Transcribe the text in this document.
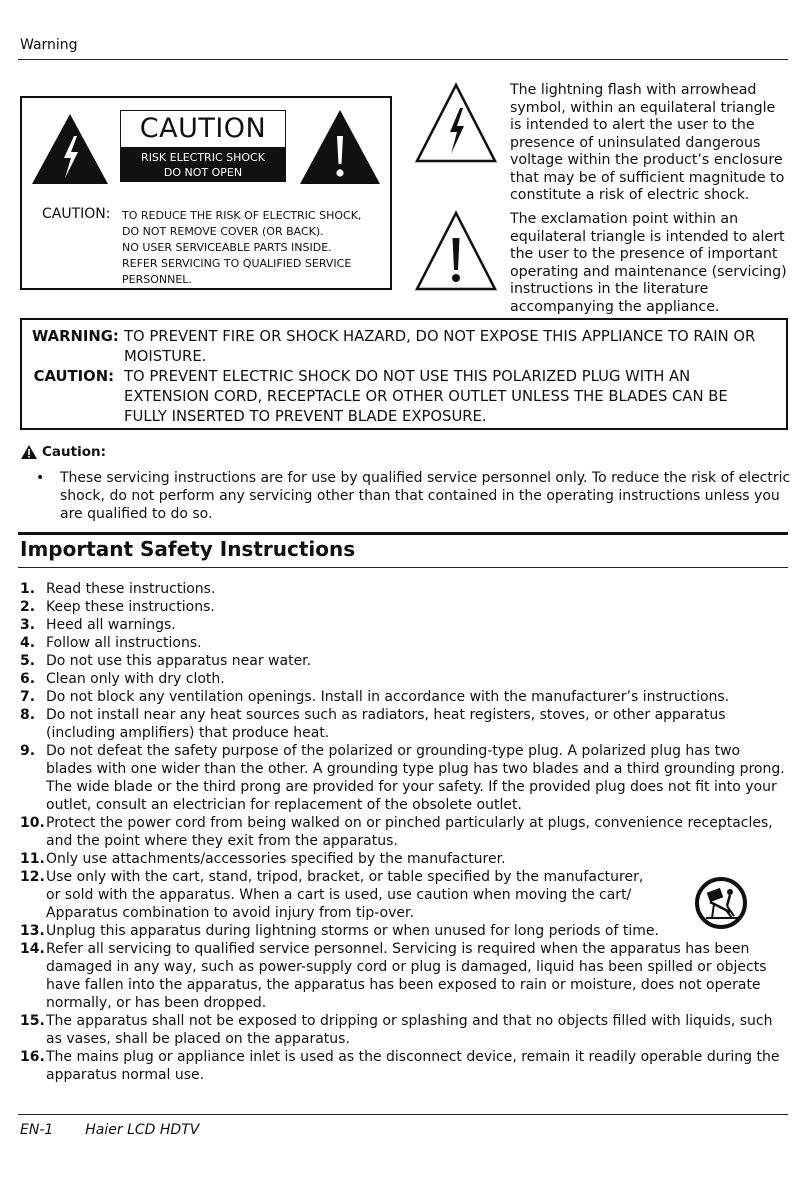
Warning
CAUTION
RISK ELECTRIC SHOCK
DO NOT OPEN
CAUTION: TO REDUCE THE RISK OF ELECTRIC SHOCK,
DO NOT REMOVE COVER (OR BACK).
NO USER SERVICEABLE PARTS INSIDE.
REFER SERVICING TO QUALIFIED SERVICE
PERSONNEL.
The lightning flash with arrowhead symbol, within an equilateral triangle is intended to alert the user to the presence of uninsulated dangerous voltage within the product’s enclosure that may be of sufficient magnitude to constitute a risk of electric shock.
The exclamation point within an equilateral triangle is intended to alert the user to the presence of important operating and maintenance (servicing) instructions in the literature accompanying the appliance.
WARNING: TO PREVENT FIRE OR SHOCK HAZARD, DO NOT EXPOSE THIS APPLIANCE TO RAIN OR MOISTURE.
CAUTION: TO PREVENT ELECTRIC SHOCK DO NOT USE THIS POLARIZED PLUG WITH AN EXTENSION CORD, RECEPTACLE OR OTHER OUTLET UNLESS THE BLADES CAN BE FULLY INSERTED TO PREVENT BLADE EXPOSURE.
Caution:
• These servicing instructions are for use by qualified service personnel only. To reduce the risk of electric shock, do not perform any servicing other than that contained in the operating instructions unless you are qualified to do so.
Important Safety Instructions
1. Read these instructions.
2. Keep these instructions.
3. Heed all warnings.
4. Follow all instructions.
5. Do not use this apparatus near water.
6. Clean only with dry cloth.
7. Do not block any ventilation openings. Install in accordance with the manufacturer’s instructions.
8. Do not install near any heat sources such as radiators, heat registers, stoves, or other apparatus (including amplifiers) that produce heat.
9. Do not defeat the safety purpose of the polarized or grounding-type plug. A polarized plug has two blades with one wider than the other. A grounding type plug has two blades and a third grounding prong. The wide blade or the third prong are provided for your safety. If the provided plug does not fit into your outlet, consult an electrician for replacement of the obsolete outlet.
10. Protect the power cord from being walked on or pinched particularly at plugs, convenience receptacles, and the point where they exit from the apparatus.
11. Only use attachments/accessories specified by the manufacturer.
12. Use only with the cart, stand, tripod, bracket, or table specified by the manufacturer, or sold with the apparatus. When a cart is used, use caution when moving the cart/ Apparatus combination to avoid injury from tip-over.
13. Unplug this apparatus during lightning storms or when unused for long periods of time.
14. Refer all servicing to qualified service personnel. Servicing is required when the apparatus has been damaged in any way, such as power-supply cord or plug is damaged, liquid has been spilled or objects have fallen into the apparatus, the apparatus has been exposed to rain or moisture, does not operate normally, or has been dropped.
15. The apparatus shall not be exposed to dripping or splashing and that no objects filled with liquids, such as vases, shall be placed on the apparatus.
16. The mains plug or appliance inlet is used as the disconnect device, remain it readily operable during the apparatus normal use.
EN-1 Haier LCD HDTV
